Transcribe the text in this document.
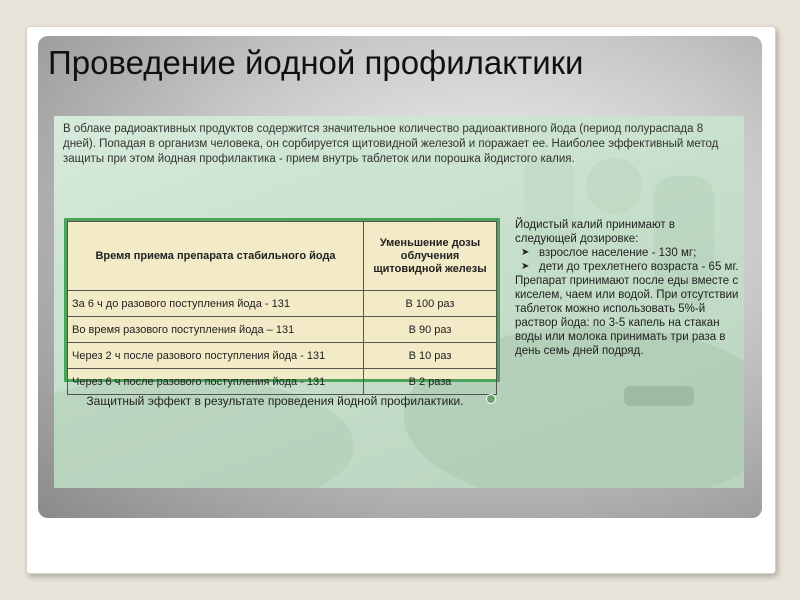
Проведение йодной профилактики

В облаке радиоактивных продуктов содержится значительное количество радиоактивного йода (период полураспада 8 дней). Попадая в организм человека, он сорбируется щитовидной железой и поражает ее. Наиболее эффективный метод защиты при этом йодная профилактика - прием внутрь таблеток или порошка йодистого калия.

Время приема препарата стабильного йода	Уменьшение дозы облучения щитовидной железы
За 6 ч до разового поступления йода - 131	В 100 раз
Во время разового поступления йода – 131	В 90 раз
Через 2 ч после разового поступления йода - 131	В 10 раз
Через 6 ч после разового поступления йода - 131	В 2 раза

Защитный эффект в результате проведения йодной профилактики.

Йодистый калий принимают в следующей дозировке:

➤ взрослое население - 130 мг;
➤ дети до трехлетнего возраста - 65 мг.

Препарат принимают после еды вместе с киселем, чаем или водой. При отсутствии таблеток можно использовать 5%-й раствор йода: по 3-5 капель на стакан воды или молока принимать три раза в день семь дней подряд.
